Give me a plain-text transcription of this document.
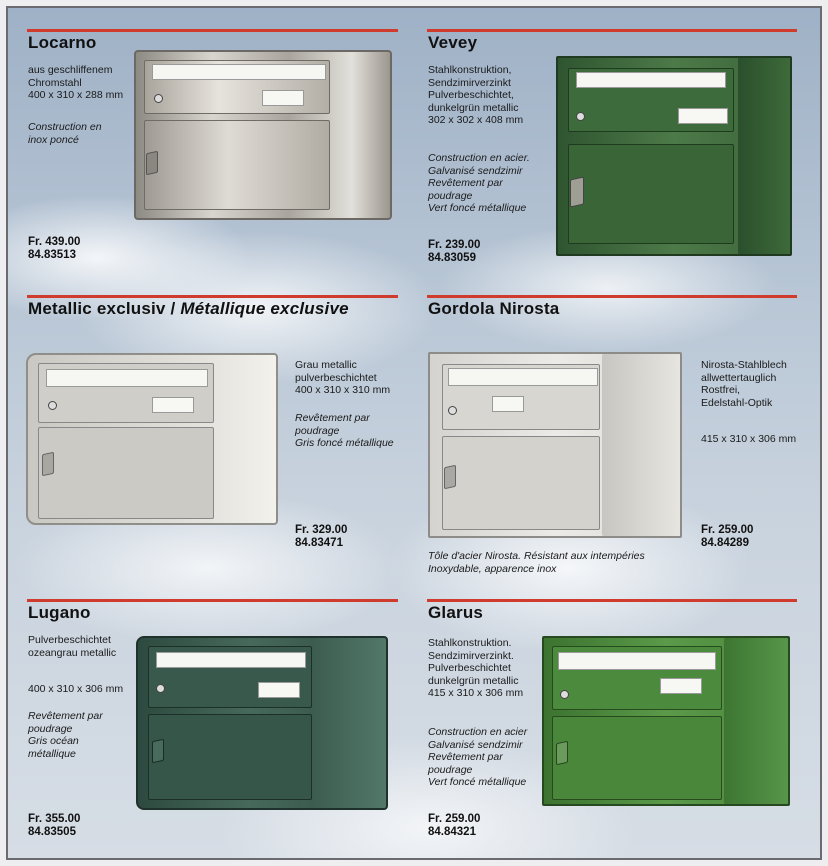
Locarno
aus geschliffenem
Chromstahl
400 x 310 x 288 mm
Construction en
inox poncé
Fr. 439.00
84.83513
Vevey
Stahlkonstruktion,
Sendzimirverzinkt
Pulverbeschichtet,
dunkelgrün metallic
302 x 302 x 408 mm
Construction en acier.
Galvanisé sendzimir
Revêtement par
poudrage
Vert foncé métallique
Fr. 239.00
84.83059
Metallic exclusiv / Métallique exclusive
Grau metallic
pulverbeschichtet
400 x 310 x 310 mm
Revêtement par
poudrage
Gris foncé métallique
Fr. 329.00
84.83471
Gordola Nirosta
Nirosta-Stahlblech
allwettertauglich
Rostfrei,
Edelstahl-Optik
415 x 310 x 306 mm
Fr. 259.00
84.84289
Tôle d'acier Nirosta. Résistant aux intempéries
Inoxydable, apparence inox
Lugano
Pulverbeschichtet
ozeangrau metallic
400 x 310 x 306 mm
Revêtement par
poudrage
Gris océan
métallique
Fr. 355.00
84.83505
Glarus
Stahlkonstruktion.
Sendzimirverzinkt.
Pulverbeschichtet
dunkelgrün metallic
415 x 310 x 306 mm
Construction en acier
Galvanisé sendzimir
Revêtement par
poudrage
Vert foncé métallique
Fr. 259.00
84.84321
